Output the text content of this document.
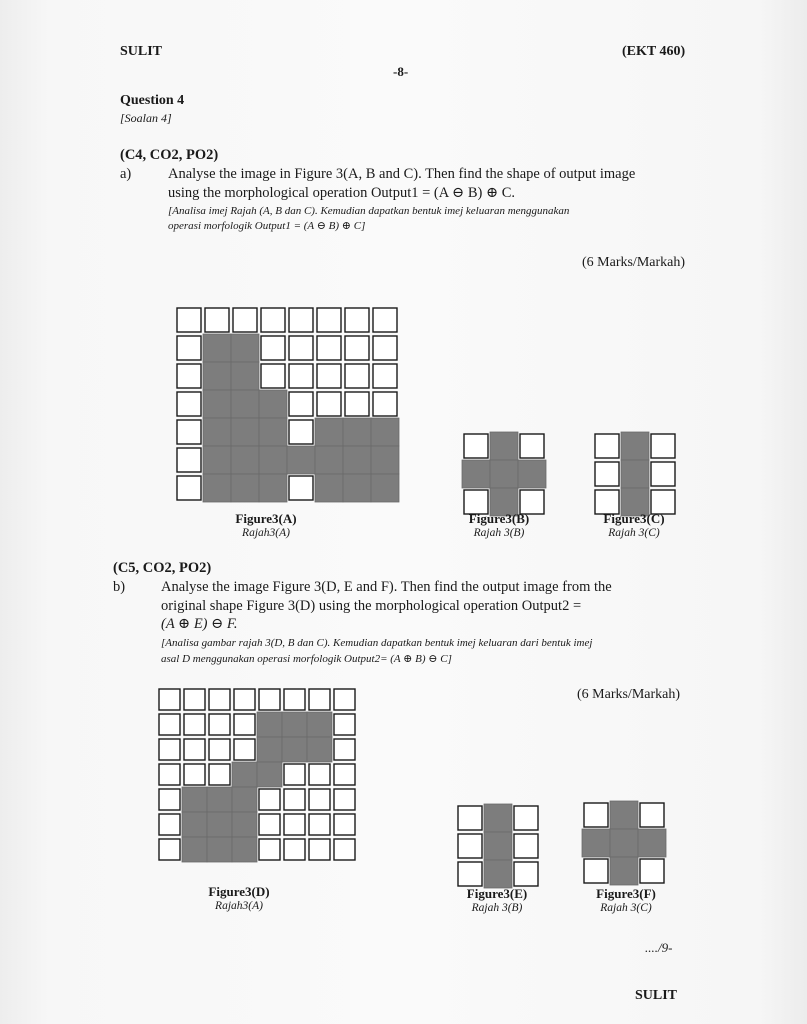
SULIT	(EKT 460)
-8-
Question 4
[Soalan 4]
(C4, CO2, PO2)
a)	Analyse the image in Figure 3(A, B and C). Then find the shape of output image
using the morphological operation Output1 = (A ⊖ B) ⊕ C.
[Analisa imej Rajah (A, B dan C). Kemudian dapatkan bentuk imej keluaran menggunakan
operasi morfologik Output1 = (A ⊖ B) ⊕ C]
(6 Marks/Markah)
Figure3(A)
Rajah3(A)
Figure3(B)
Rajah 3(B)
Figure3(C)
Rajah 3(C)
(C5, CO2, PO2)
b) Analyse the image Figure 3(D, E and F). Then find the output image from the
original shape Figure 3(D) using the morphological operation Output2 =
(A ⊕ E) ⊖ F.
[Analisa gambar rajah 3(D, B dan C). Kemudian dapatkan bentuk imej keluaran dari bentuk imej
asal D menggunakan operasi morfologik Output2= (A ⊕ B) ⊖ C]
(6 Marks/Markah)
Figure3(D)
Rajah3(A)
Figure3(E)
Rajah 3(B)
Figure3(F)
Rajah 3(C)
..../9-
SULIT
